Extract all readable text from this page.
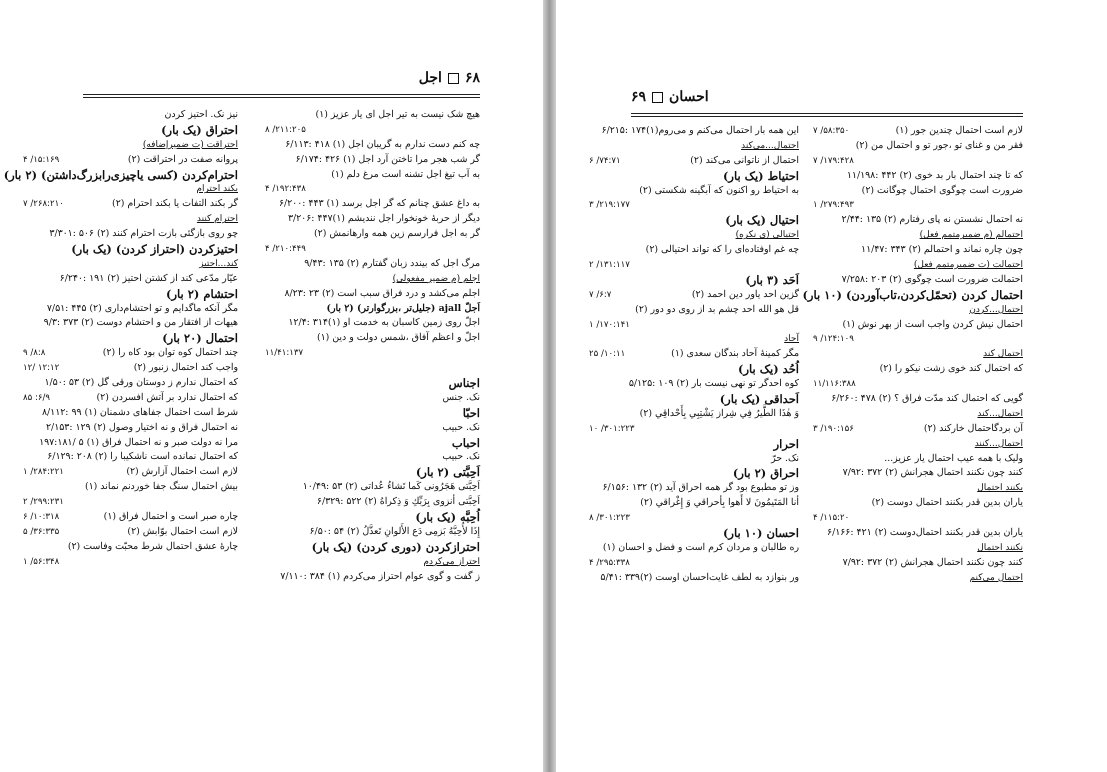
۶۸اجل
هیچ شک نیست به تیر اجل ای یار عزیز (۱)
۸ /۲۱۱:۲۰۵
چه کنم دست ندارم به گریبان اجل (۱) ۴۱۸ :۶/۱۱۳
گر شب هجر مرا تاختن آرد اجل (۱) ۴۲۶ :۶/۱۷۴
به آب تیغ اجل تشنه است مرغ دلم (۱)
۴ /۱۹۲:۴۳۸
به داغ عشق چنانم که گر اجل برسد (۱) ۴۴۳ :۶/۲۰۰
دیگر از حربهٔ خونخوار اجل نندیشم (۱)۴۴۷ :۳/۲۰۶
گر به اجل فرارسم زین همه وارهانمش (۲)
۴ /۲۱۰:۴۴۹
مرگ اجل که بیندد زبان گفتارم (۲) ۱۳۵ :۹/۴۳
اجلم (م ضمیر مفعولی)
اجلم می‌کشد و درد فراق سبب است (۲) ۲۳ :۸/۲۳
اَجلّ ajall (جلیل‌تر ،بزرگوارتر) (۲ بار)
اجلّ روی زمین کاسبان به خدمت او (۱)۳۱۴ :۱۲/۴
اجلّ و اعظم آفاق ،شمس دولت و دین (۱)
۱۱/۴۱:۱۳۷
اجناس
نک. جنس
احبّا
نک. حبیب
احباب
نک. حبیب
اَحِبَّتی (۲ بار)
اَحِبَّتی هَجَرُونی کَما تَشاءُ عُداتی (۲) ۵۳ :۱۰/۴۹
اَحِبَّتی أنزوی بِرَبِّكِ وَ ذِكراهُ (۲) ۵۲۲ :۶/۳۲۹
اُحِبَّه (یک بار)
إِذَا لأُحِبَّهُ بَزمِی دَع الأَلوانِ تَعذَّلُ (۲) ۵۴ :۶/۵۰
احترازکردن (دوری کردن) (یک بار)
احتراز می‌کردم
ز گفت و گوی عوام احتراز می‌کردم (۱) ۳۸۴ :۷/۱۱۰
نیز نک. احتیز کردن
احتراق (یک بار)
احتراقت (ت ضمیرإضافه)
پروانه صفت در احتراقت (۲)
۴ /۱۵:۱۶۹
احترام‌کردن (کسی یاچیزی‌رابزرگ‌داشتن) (۲ بار)
بکند احترام
گر بکند التفات یا بکند احترام (۲)
۷ /۲۶۸:۲۱۰
احترام کنند
چو روی بازگئی بازت احترام کنند (۲) ۵۰۶ :۳/۳۰۱
احتیزکردن (احتراز کردن) (یک بار)
کند...احتیز
عیّار مدّعی کند از کشتن احتیز (۲) ۱۹۱ :۶/۲۴۰
احتشام (۲ بار)
مگر آنکه ماگدایم و تو احتشام‌داری (۲) ۴۴۵ :۷/۵۱
هیهات از افتقار من و احتشام دوست (۲) ۳۷۳ :۹/۳
احتمال (۲۰ بار)
چند احتمال کوه توان بود کاه را (۲)
۹ /۸:۸
واجب کند احتمال زنبور (۲)
۱۲/ ۱۲:۱۲
که احتمال ندارم ز دوستان ورقی گل (۲) ۵۳ :۱/۵۰
که احتمال ندارد بر آتش افسردن (۲)
۸۵ :۶/۹
شرط است احتمال جفاهای دشمنان (۱) ۹۹ :۸/۱۱۲
نه احتمال فراق و نه اختیار وصول (۲) ۱۲۹ :۲/۱۵۳
مرا نه دولت صبر و نه احتمال فراق (۱) ۵ /۱۹۷:۱۸۱
که احتمال نمانده است ناشکیبا را (۲) ۲۰۸ :۶/۱۲۹
لازم است احتمال آزارش (۲)
۱ /۲۸۴:۲۲۱
بیش احتمال سنگ جفا خوردنم نماند (۱)
۲ /۲۹۹:۲۳۱
چاره صبر است و احتمال فراق (۱)
۶ /۱۰:۳۱۸
لازم است احتمال بوّابش (۲)
۵ /۳۶:۳۳۵
چارهٔ عشق احتمال شرط محبّت وفاست (۲)
۱ /۵۶:۳۴۸
احسان۶۹
لازم است احتمال چندین جور (۱)
۷ /۵۸:۳۵۰
فقر من و غنای تو ،جور تو و احتمال من (۲)
۷ /۱۷۹:۴۲۸
که تا چند احتمال بار بد خوی (۲) ۴۴۲ :۱۱/۱۹۸
ضرورت است چوگوی احتمال چوگانت (۲)
۱ /۲۷۹:۴۹۳
نه احتمال نشستن نه پای رفتارم (۲) ۱۳۵ :۲/۴۴
احتمالم (م ضمیرمتمم فعل)
چون چاره نماند و احتمالم (۲) ۳۴۳ :۱۱/۴۷
احتمالت (ت ضمیرمتمم فعل)
احتمالت ضرورت است چوگوی (۲) ۲۰۳ :۷/۲۵۸
احتمال کردن (تحمّل‌کردن،تاب‌آوردن) (۱۰ بار)
احتمال...کردن
احتمال نیش کردن واجب است از بهر نوش (۱)
۹ /۱۲۴:۱۰۹
احتمال کند
که احتمال کند خوی زشت نیکو را (۲)
۱۱/۱۱۶:۳۸۸
گویی که احتمال کند مدّت فراق ؟ (۲) ۴۷۸ :۶/۲۶۰
احتمال...کند
آن بردگاحتمال خارکند (۲)
۳ /۱۹۰:۱۵۶
احتمال...کنند
ولیک با همه عیب احتمال یار عزیز...
کنند چون نکنند احتمال هجرانش (۲) ۳۷۲ :۷/۹۲
بکنند احتمال
یاران بدین قدر بکنند احتمال دوست (۲)
۴ /۱۱۵:۲۰
یاران بدین قدر بکنند احتمال‌دوست (۲) ۴۲۱ :۶/۱۶۶
نکنند احتمال
کنند چون نکنند احتمال هجرانش (۲) ۳۷۲ :۷/۹۲
احتمال می‌کنم
این همه بار احتمال می‌کنم و می‌روم(۱)۱۷۴ :۶/۲۱۵
احتمال...می‌کند
احتمال از ناتوانی می‌کند (۲)
۶ /۷۴:۷۱
احتیاط (یک بار)
به احتیاط رو اکنون که آبگینه شکستی (۲)
۳ /۲۱۹:۱۷۷
احتیال (یک بار)
احتیالی (ی نکره)
چه غم اوفتاده‌ای را که تواند احتیالی (۲)
۲ /۱۳۱:۱۱۷
اَحَد (۳ بار)
گزین احد یاور دین احمد (۲)
۷ /۶:۷
قل هو الله احد چشم بد از روی دو دور (۲)
۱ /۱۷۰:۱۴۱
آحاد
مگر کمینهٔ آحاد بندگان سعدی (۱)
۲۵ /۱۰:۱۱
اُحُد (یک بار)
کوه احدگر تو نهی نیست بار (۲) ۱۰۹ :۵/۱۲۵
اَحداقی (یک بار)
وَ هٰذَا الطَّیرُ فِي شِراز يَشْتِبِي بِأَحْداقِي (۲)
۱۰ /۳۰۱:۲۲۳
احرار
نک. حرّ
احراق (۲ بار)
وز تو مطبوع بود گر همه احراق آید (۲) ۱۳۲ :۶/۱۵۶
أنا المَتَیمُونَ لا أَهوا بِأحراقي وَ إِغْراقي (۲)
۸ /۳۰۱:۲۲۳
احسان (۱۰ بار)
ره طالبان و مردان کرم است و فضل و احسان (۱)
۴ /۲۹۵:۳۳۸
ور بنوازد به لطف غایت‌احسان اوست (۲)۳۳۹ :۵/۴۱
